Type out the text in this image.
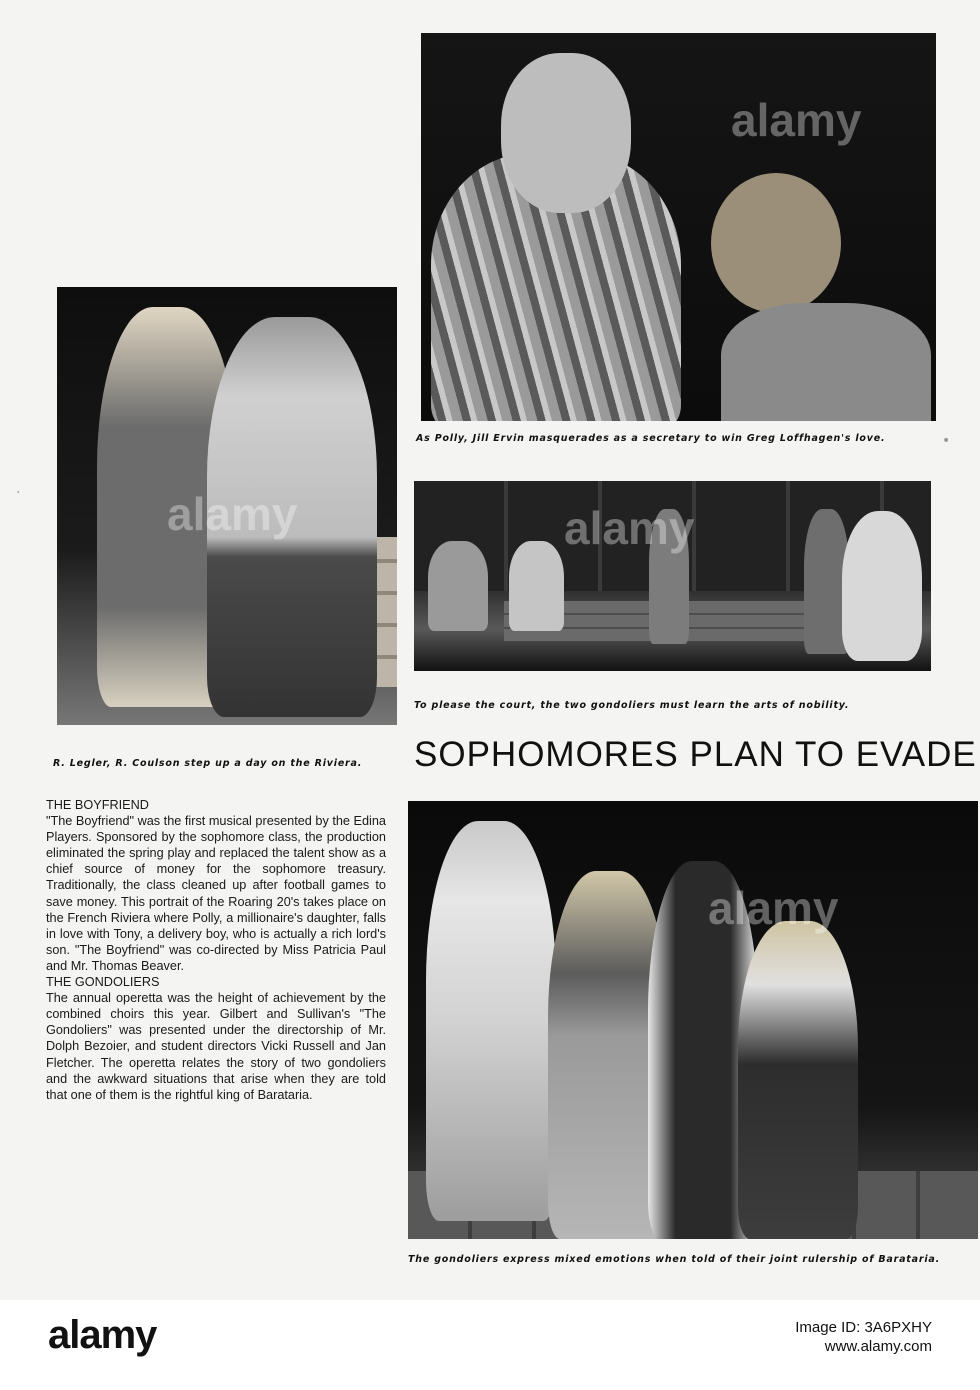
alamy
As Polly, Jill Ervin masquerades as a secretary to win Greg Loffhagen's love.
alamy
R. Legler, R. Coulson step up a day on the Riviera.
alamy
To please the court, the two gondoliers must learn the arts of nobility.
SOPHOMORES PLAN TO EVADE

THE BOYFRIEND

"The Boyfriend" was the first musical presented by the Edina Players. Sponsored by the sophomore class, the production eliminated the spring play and replaced the talent show as a chief source of money for the sophomore treasury. Traditionally, the class cleaned up after football games to save money. This portrait of the Roaring 20's takes place on the French Riviera where Polly, a millionaire's daughter, falls in love with Tony, a delivery boy, who is actually a rich lord's son. "The Boyfriend" was co-directed by Miss Patricia Paul and Mr. Thomas Beaver.

THE GONDOLIERS

The annual operetta was the height of achievement by the combined choirs this year. Gilbert and Sullivan's "The Gondoliers" was presented under the directorship of Mr. Dolph Bezoier, and student directors Vicki Russell and Jan Fletcher. The operetta relates the story of two gondoliers and the awkward situations that arise when they are told that one of them is the rightful king of Barataria.

alamy
The gondoliers express mixed emotions when told of their joint rulership of Barataria.
•
·
alamy	Image ID: 3A6PXHY
www.alamy.com
